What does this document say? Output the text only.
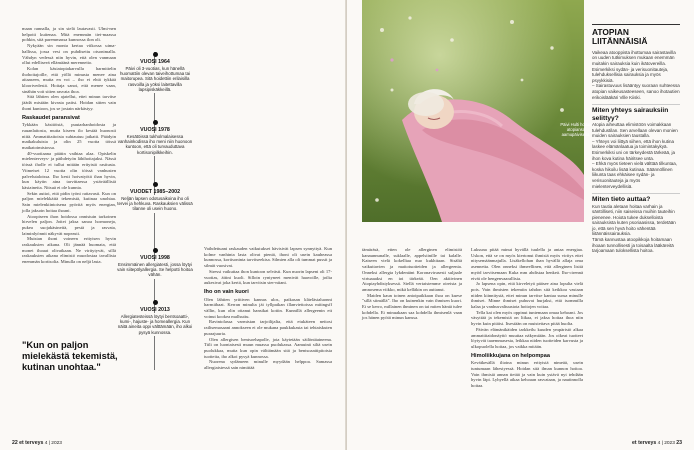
maan rannalla, ja sin sielä lautavasti. Ulmi-nen helpotti kuitenaa. Mitä enemmän tiet-maassa pohkin, sitä paremmassa kunnossa ilon oli.

Nykyään sin monta kertaa viikossa uima-hallissa, jossa vesi on puhdisettu otsonimalla. Vähdyn vedessä niin hyvin, että olen vanmaan ollut edelliseeä ellämäänä merenneito.

Kolan käsiatopiakarvulla harmittelin ihohoitajoille, että yöllä minusta menee aina aitaaseen, mutta en voi – iho ei ehtä tykkää kloorivedestä. Hoitaja sanoi, että menee vaan, sinähän voit sitten rasvata ihoa.

Sitä lähtien olen ajatellut, ettei minun tarvitse jäädä mistään kivasta paitsi. Hoidan sitten vain ihoni kuntoon, jos se jostain närkästyy.

Raskaudet paransivat

Tykkään käsitöistä, puutarhanhoidosta ja ruuanlaitosta, mutta kiseen ilo kestää huonosti niitä. Ammattitaitoista suhtautuu jatkatti. Päädyin matkakuluista ja olin 25 vuotta töissä matkatoimistossa.

40-vuotiaana päätin vaihtaa alaa. Opiskelin mielenterveys- ja päihdetyön lähihoitajaksi. Nässä töissä iholle ei tullut mitään erityistä rasitusta. Viimeiset 12 vuotta olin töissä vanhusten palvelutaloissa. Iho kesti hoivatyötä ihan hyvin, kun käytin aina tarvittaessa ystäväällisiä käsiaineita. Nitsuä ei ole kunnia.

Sekin auttoi, että pidin työni rattavasti. Kun on paljon mielekkäitä tekemistä, kutinaa unohtaa. Sain mielenkiintoisena pyöritä myös energian, jolla jaksoin hoitaa ihoani.

Atoopiseen ihon hoidossa onnistuin tarkoinen hirvelen paljon. Joitei jaksa sanoa hormoneja, pukea suojakäsineitä, pestä ja rasvata, laiminlyönnit näkyvät nopeasti.

Muistan ihoni voineen erityisen hyvin raskauksien aikana. Oli jännää huomata, että monet ihoaat olivatkaan. Ne viritytyvät, sillä raskauksien aikana elimistö muodostaa tavallista enemmän kortisolia. Minulla on neljä lasta.

"Kun on paljon mielekästä tekemistä, kutinan unohtaa."
VUOSI 1964
Päivi oli 3-vuotias, kun hänellä huomattiin olevan taiveihottumaa tai maitorupea. Sitä hoidettiin erilaisilla rasvoilla ja yöksi laitettavilla lapsipiskäkkeillä.
VUOSI 1978
Kesätöissä tukholmalaisessa vanhainkodissa iho meni niin huonoon kuntoon, että oli turvauduttava kortisonipilkkeihin.
VUODET 1985–2002
Neljän lapsen odotusaikoina iho oli tervei ja hehkuva. Raskauksien välissä tilanne oli usein huono.
VUOSI 1998
Ensimmäinen allergiatesti, jossa löytyi vain siitepölyallergia. Se helpotti hoitoa vähän.
VUOSI 2013
Allergiatesteissä löytyi bentsoaatti-, kumi-, hajuste- ja homeallergia. Kun näitä aineita oppi välttämään, iho alkoi pysyä kunnossa.

Vaihdettuani raskauden vaikutukset hävisivät lapsen synnyttyä. Kun kolme vanhinta lasta olivat pieniä, ihoni oli usein kauheassa kunnossa, kortisoninta tarvitseekisa. Silmien alla oli tummat pussit ja silmät vuosivat.

Stressi vaikuttaa ihon kuntoon selvästi. Kun nuorin lapseni oli 17-vuotias, äitini kuoli. Silloin ryntyneet menivät haavoille, joilta aukesivat joka kertä, kun tarvitsin ster-niiani.

Iho on vain kuori

Olen lähtien yrittiven kannas ulos, paikasan kläelästaluonni harmiibaat. Kerran minulta jäi tyllpaikan illanviettoissa mitingsff vällin, kun olin ottanut hansikat kotiin. Kunnillä allergeenin ett voinut kookea mallsuttu.

Ravintolassa varmistan tarjoilijalta, että etukäteen neitosi railtsemasaani annokseen ei ole mukana paukkukasta tai tehtaiskuten puraajuuria.

Olen allergisen bentsoehapolle, jota käytetään säilöntäaineena. Tiili on luontaisesti muun muassa puolukassa. Aamuinä siltä usein puolukkaa, mutta kun opin välttämään sitä ja bentsoaattipitoisia tuotteita, iho alkoi pysyä kunnossa.

Nuorena sydämeen minulle myydään helppoa. Samassa allergiaistessä sain nimittää

22 et terveys 4 | 2023

tämäräsä, etten ole allerginen elimistöä kanaunnunalle, suklaalle, appelsiinille tai kalalle. Kaiseen vielä kokelltaa nuo kukhitaan. Sisältä vaikuttavien ja maitotuotteiden ja allergeenia. Onneksi allergia lykdentänt Koronavirusesti suljaale virtuaaaksi en ioi tärkeää. Oen aktiivinen Atopiayhdistyksessä. Siellä vertaistemme oireista ja amnosema viikko, mikä kelläkin on auttanut.

Maiden kaun toinen antoipaikkaan ihoa on kuese "sillä siimällä". Iho on kuinenkin vain ihmisen kuori. Ei se kerro, millainen ihminen on tai miten häntä tulee kohdella. Ei minuakaan saa kohdella ihmisenlä vaan jos hänen pyötä minun kanssa.

Luksuna pitää minut hyvällä tuulella ja antaa energiaa. Uskon, että se on myös kiertonut ihmisiä myös viritys ettei nitysemäänmajulla. Lisäkellohan ihan hyvällä allaja oma asennetta. Olen onneksi ihmeellinen, että allerginen lisitä myöd tarvitsemaan Kuka mm ahdistaa henkeä. Iho-cirennä eivät ole hengenvaarallisia.

Jo lapsena opin, että kirveletyä pääsee aina lopulta vielä pois. Vain ihmisten tekemiin tahdon sitä keikkoa vastaan niiden kiinnitystä, ettei minun tarvitse kantaa surua minulle ihmiset. Minne ihmiset puhuvat hurjaksi, että isommilla kalaa ja vanhusvaltuustota hoitojen voitaa.

Tella kai olen myös oppinut tuntemaan omaa kehoani. Jos väsyttää ja tekemistä on liikaa, ei jaksa hoitaa ihoa niin hyvin kuin pitäisi. Itsestään on muistettava pitää huolta.

Päivän elämänikäiden tarkkeilu kuuden ympäristö alkaa ammattitaidonäyttö muuttaa näkymiään. Jos oikeat tuotteet löytyvät taaemmasesta, leikkaa niiden tuotteiden karvusta ja ulkopuolella hoitaa, jos vaikka mitään.

Himoliikkujana on helpompaa

Kevätkesällä iltoina minun erityistä nimeää, usein tuntumaan lähestyessä. Hoidan sitä ilman kunnon hoitoa. Vain ihmisiä annan tietää ja vain kuin ystävä nyt tehdään hyvin läpi. Lyhyellä aikaa kehoaan rasvataan, ja nautinnolla hoitaa.

et terveys 4 | 2023 23
Päivi Hulti hoitaa atopiansa aamupäivisellä.
ATOPIAN LIITÄNNÄISIÄ

Vaikeaa atooppista ihottumaa sairastavilla on uuden tutkimuksen mukaan enemmän muitakin sairauksia kuin ikätovereilla. Esimerkiksi sydän- ja verisuonitauteja, tulehduksellisia sairauksia ja myös psyykkisiä.

– Sairastuvuus lisääntyy suoraan suhteessa atopian vaikeusasteeseen, sanoo ihotautien erikoislääkäri Ville Kiiski.

Miten yhteys sairauksiin selittyy?

Atopia aiheuttaa elimistöön voimakkaan tulehdustilan. Sen arvellaan olevan monien muiden sairauksien taustalla.

– Yhteys voi liittyä siihen, että ihon kutina laskee elämänlaatua ja toimintakykyä. Esimerkiksi uni on tärkeydestä tärkeää, ja ihon kova kutina häiritsee unta.

– Ehkä myös tieteen vielä välttää tilkuntaa, koska hikoilu lisää kutinaa. Säännöllinen liikunta taas ehkäisee sydän- ja verisuonitauteja ja myös mielenterveydellisiä.

Miten tieto auttaa?

Kun tautia aletaan hoitaa varhain ja sänttilliseti, niin saiseissa muihin tauteihin pienenee. Hoiota tukee dukselloista sairauksista kuten psoriaasissa, terdetään jo, että sen hyvä hoito vähentää liitännäissairauksia.

Tämä kannustaa atoopikkoja hoitamaan ihoaan tunnollisesti ja toisaalta lääkäreitä tarjoamaan tuloksellista hoitoa.
